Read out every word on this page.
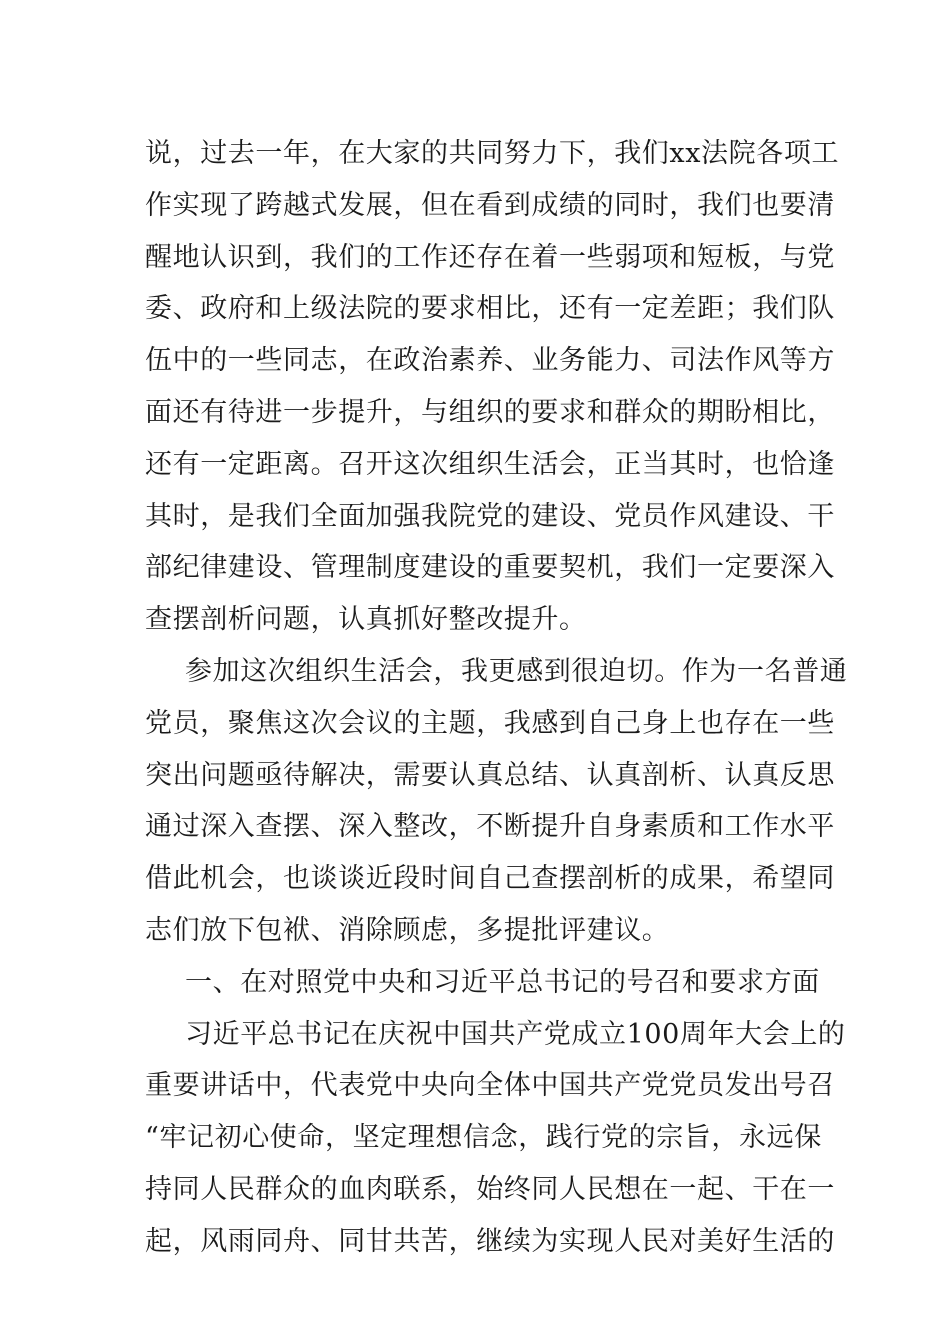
说，过去一年，在大家的共同努力下，我们xx法院各项工
作实现了跨越式发展，但在看到成绩的同时，我们也要清
醒地认识到，我们的工作还存在着一些弱项和短板，与党
委、政府和上级法院的要求相比，还有一定差距；我们队
伍中的一些同志，在政治素养、业务能力、司法作风等方
面还有待进一步提升，与组织的要求和群众的期盼相比，
还有一定距离。召开这次组织生活会，正当其时，也恰逢
其时，是我们全面加强我院党的建设、党员作风建设、干
部纪律建设、管理制度建设的重要契机，我们一定要深入
查摆剖析问题，认真抓好整改提升。
参加这次组织生活会，我更感到很迫切。作为一名普通
党员，聚焦这次会议的主题，我感到自己身上也存在一些
突出问题亟待解决，需要认真总结、认真剖析、认真反思
通过深入查摆、深入整改，不断提升自身素质和工作水平
借此机会，也谈谈近段时间自己查摆剖析的成果，希望同
志们放下包袱、消除顾虑，多提批评建议。
一、在对照党中央和习近平总书记的号召和要求方面
习近平总书记在庆祝中国共产党成立100周年大会上的
重要讲话中，代表党中央向全体中国共产党党员发出号召
“牢记初心使命，坚定理想信念，践行党的宗旨，永远保
持同人民群众的血肉联系，始终同人民想在一起、干在一
起，风雨同舟、同甘共苦，继续为实现人民对美好生活的
